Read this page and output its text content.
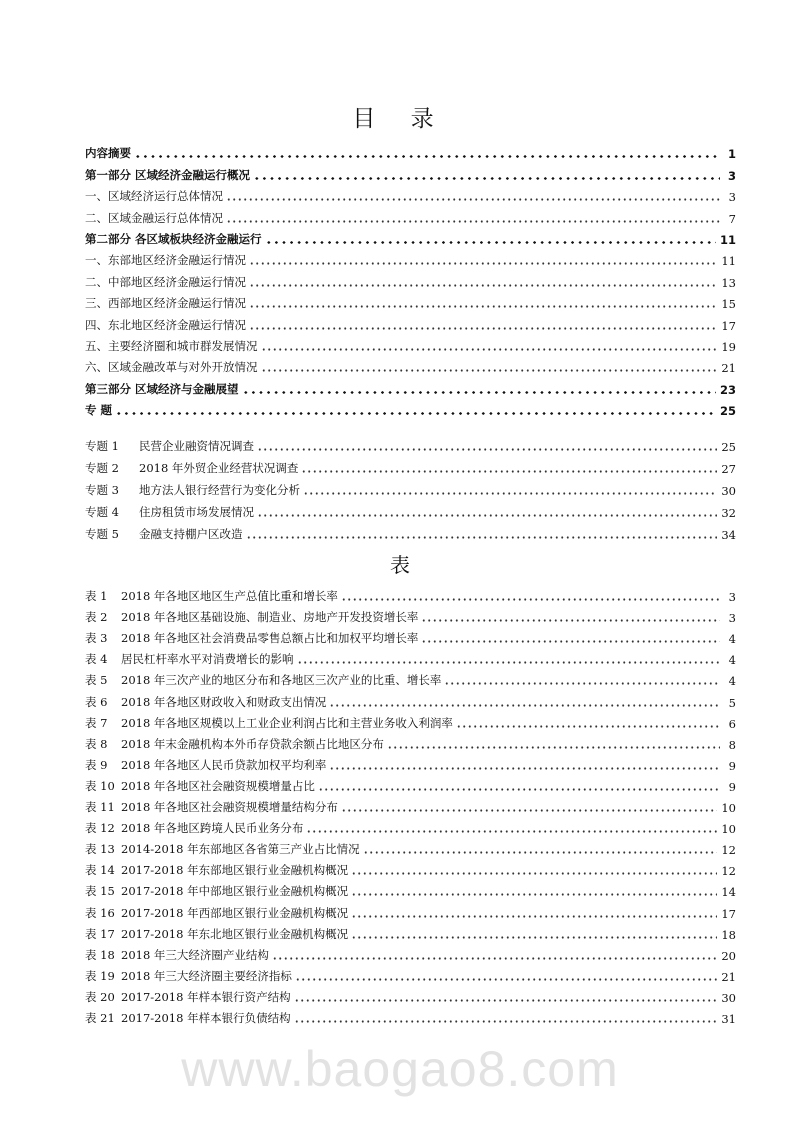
www.baogao8.com
目 录
内容摘要	1
第一部分 区域经济金融运行概况	3
一、区域经济运行总体情况	3
二、区域金融运行总体情况	7
第二部分 各区域板块经济金融运行	11
一、东部地区经济金融运行情况	11
二、中部地区经济金融运行情况	13
三、西部地区经济金融运行情况	15
四、东北地区经济金融运行情况	17
五、主要经济圈和城市群发展情况	19
六、区域金融改革与对外开放情况	21
第三部分 区域经济与金融展望	23
专 题	25
专题 1	民营企业融资情况调查	25
专题 2	2018 年外贸企业经营状况调查	27
专题 3	地方法人银行经营行为变化分析	30
专题 4	住房租赁市场发展情况	32
专题 5	金融支持棚户区改造	34
表
表 1	2018 年各地区地区生产总值比重和增长率	3
表 2	2018 年各地区基础设施、制造业、房地产开发投资增长率	3
表 3	2018 年各地区社会消费品零售总额占比和加权平均增长率	4
表 4	居民杠杆率水平对消费增长的影响	4
表 5	2018 年三次产业的地区分布和各地区三次产业的比重、增长率	4
表 6	2018 年各地区财政收入和财政支出情况	5
表 7	2018 年各地区规模以上工业企业利润占比和主营业务收入利润率	6
表 8	2018 年末金融机构本外币存贷款余额占比地区分布	8
表 9	2018 年各地区人民币贷款加权平均利率	9
表 10 2018 年各地区社会融资规模增量占比	9
表 11 2018 年各地区社会融资规模增量结构分布	10
表 12 2018 年各地区跨境人民币业务分布	10
表 13 2014-2018 年东部地区各省第三产业占比情况	12
表 14 2017-2018 年东部地区银行业金融机构概况	12
表 15 2017-2018 年中部地区银行业金融机构概况	14
表 16 2017-2018 年西部地区银行业金融机构概况	17
表 17 2017-2018 年东北地区银行业金融机构概况	18
表 18 2018 年三大经济圈产业结构	20
表 19 2018 年三大经济圈主要经济指标	21
表 20 2017-2018 年样本银行资产结构	30
表 21 2017-2018 年样本银行负债结构	31
